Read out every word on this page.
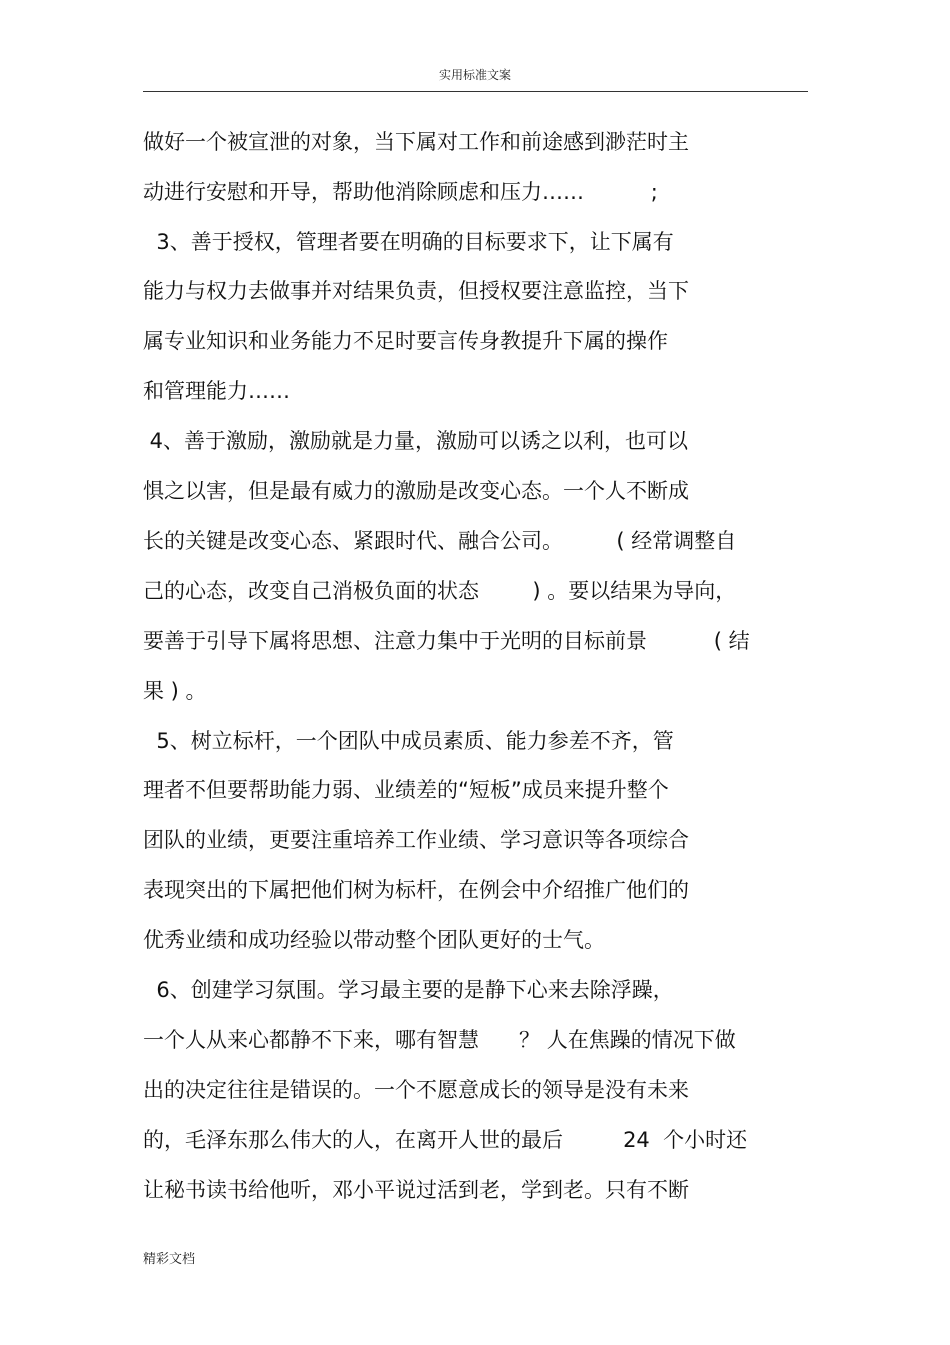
实用标准文案
做好一个被宣泄的对象，当下属对工作和前途感到渺茫时主
动进行安慰和开导，帮助他消除顾虑和压力……          ;
3、善于授权，管理者要在明确的目标要求下，让下属有
能力与权力去做事并对结果负责，但授权要注意监控，当下
属专业知识和业务能力不足时要言传身教提升下属的操作
和管理能力……
4、善于激励，激励就是力量，激励可以诱之以利，也可以
惧之以害，但是最有威力的激励是改变心态。一个人不断成
长的关键是改变心态、紧跟时代、融合公司。        ( 经常调整自
己的心态，改变自己消极负面的状态        ) 。要以结果为导向，
要善于引导下属将思想、注意力集中于光明的目标前景          ( 结
果 ) 。
5、树立标杆，一个团队中成员素质、能力参差不齐，管
理者不但要帮助能力弱、业绩差的“短板”成员来提升整个
团队的业绩，更要注重培养工作业绩、学习意识等各项综合
表现突出的下属把他们树为标杆，在例会中介绍推广他们的
优秀业绩和成功经验以带动整个团队更好的士气。
6、创建学习氛围。学习最主要的是静下心来去除浮躁，
一个人从来心都静不下来，哪有智慧      ？ 人在焦躁的情况下做
出的决定往往是错误的。一个不愿意成长的领导是没有未来
的，毛泽东那么伟大的人，在离开人世的最后         24  个小时还
让秘书读书给他听，邓小平说过活到老，学到老。只有不断
精彩文档
